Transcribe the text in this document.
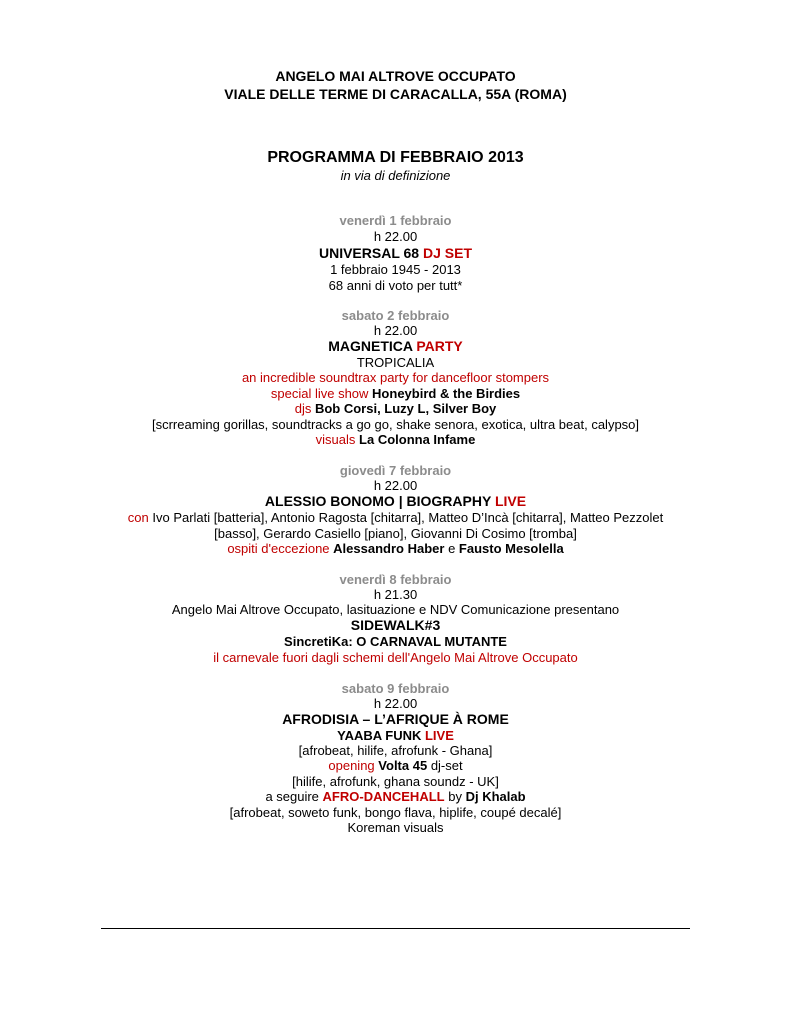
ANGELO MAI ALTROVE OCCUPATO
VIALE DELLE TERME DI CARACALLA, 55A (ROMA)
PROGRAMMA DI FEBBRAIO 2013
in via di definizione
venerdì 1 febbraio
h 22.00
UNIVERSAL 68 DJ SET
1 febbraio 1945 - 2013
68 anni di voto per tutt*
sabato 2 febbraio
h 22.00
MAGNETICA PARTY
TROPICALIA
an incredible soundtrax party for dancefloor stompers
special live show Honeybird & the Birdies
djs Bob Corsi, Luzy L, Silver Boy
[scrreaming gorillas, soundtracks a go go, shake senora, exotica, ultra beat, calypso]
visuals La Colonna Infame
giovedì 7 febbraio
h 22.00
ALESSIO BONOMO | BIOGRAPHY LIVE
con Ivo Parlati [batteria], Antonio Ragosta [chitarra], Matteo D’Incà [chitarra], Matteo Pezzolet
[basso], Gerardo Casiello [piano], Giovanni Di Cosimo [tromba]
ospiti d'eccezione Alessandro Haber e Fausto Mesolella
venerdì 8 febbraio
h 21.30
Angelo Mai Altrove Occupato, lasituazione e NDV Comunicazione presentano
SIDEWALK#3
SincretiKa: O CARNAVAL MUTANTE
il carnevale fuori dagli schemi dell'Angelo Mai Altrove Occupato
sabato 9 febbraio
h 22.00
AFRODISIA – L’AFRIQUE À ROME
YAABA FUNK LIVE
[afrobeat, hilife, afrofunk - Ghana]
opening Volta 45 dj-set
[hilife, afrofunk, ghana soundz - UK]
a seguire AFRO-DANCEHALL by Dj Khalab
[afrobeat, soweto funk, bongo flava, hiplife, coupé decalé]
Koreman visuals
